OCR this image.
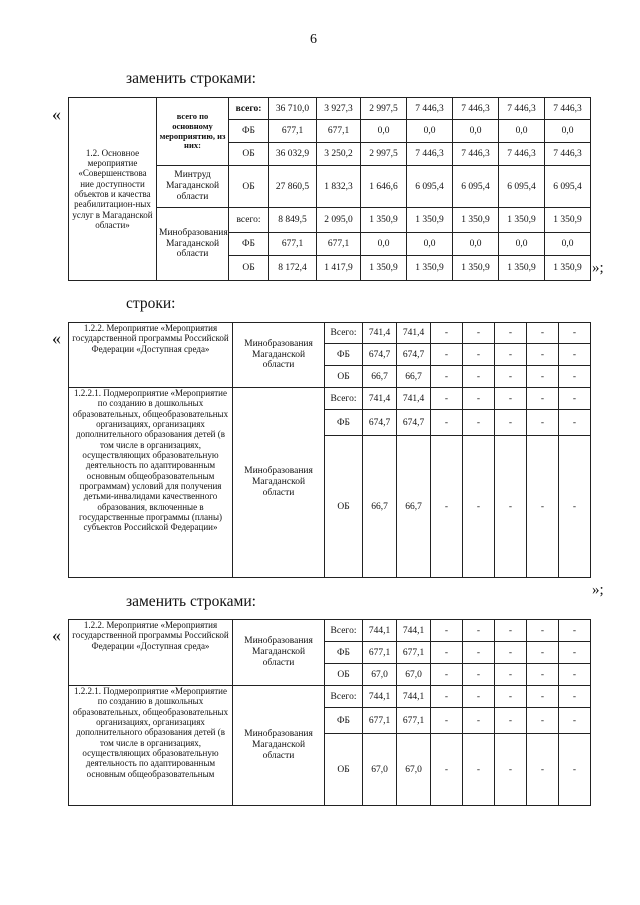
6
заменить строками:
«
1.2. Основное мероприятие «Совершенствова ние доступности объектов и качества реабилитацион-ных услуг в Магаданской области»	всего по основному мероприятию, из них:	всего:	36 710,0	3 927,3	2 997,5	7 446,3	7 446,3	7 446,3	7 446,3
		ФБ	677,1	677,1	0,0	0,0	0,0	0,0	0,0
		ОБ	36 032,9	3 250,2	2 997,5	7 446,3	7 446,3	7 446,3	7 446,3
	Минтруд Магаданской области	ОБ	27 860,5	1 832,3	1 646,6	6 095,4	6 095,4	6 095,4	6 095,4
	Минобразования Магаданской области	всего:	8 849,5	2 095,0	1 350,9	1 350,9	1 350,9	1 350,9	1 350,9
		ФБ	677,1	677,1	0,0	0,0	0,0	0,0	0,0
		ОБ	8 172,4	1 417,9	1 350,9	1 350,9	1 350,9	1 350,9	1 350,9 »;
строки:
«	1.2.2. Мероприятие «Мероприятия государственной программы Российской Федерации «Доступная среда»	Минобразования Магаданской области	Всего:	741,4	741,4	-	-	-	-	-
		ФБ	674,7	674,7	-	-	-	-	-
		ОБ	66,7	66,7	-	-	-	-	-
1.2.2.1. Подмероприятие «Мероприятие по созданию в дошкольных образовательных, общеобразовательных организациях, организациях дополнительного образования детей (в том числе в организациях, осуществляющих образовательную деятельность по адаптированным основным общеобразовательным программам) условий для получения детьми-инвалидами качественного образования, включенные в государственные программы (планы) субъектов Российской Федерации»	Минобразования Магаданской области	Всего:	741,4	741,4	-	-	-	-	-
		ФБ	674,7	674,7	-	-	-	-	-
		ОБ	66,7	66,7	-	-	-	-	-
»;
заменить строками:
«	1.2.2. Мероприятие «Мероприятия государственной программы Российской Федерации «Доступная среда»	Минобразования Магаданской области	Всего:	744,1	744,1	-	-	-	-	-
		ФБ	677,1	677,1	-	-	-	-	-
		ОБ	67,0	67,0	-	-	-	-	-
1.2.2.1. Подмероприятие «Мероприятие по созданию в дошкольных образовательных, общеобразовательных организациях, организациях дополнительного образования детей (в том числе в организациях, осуществляющих образовательную деятельность по адаптированным основным общеобразовательным	Минобразования Магаданской области	Всего:	744,1	744,1	-	-	-	-	-
		ФБ	677,1	677,1	-	-	-	-	-
		ОБ	67,0	67,0	-	-	-	-	-
